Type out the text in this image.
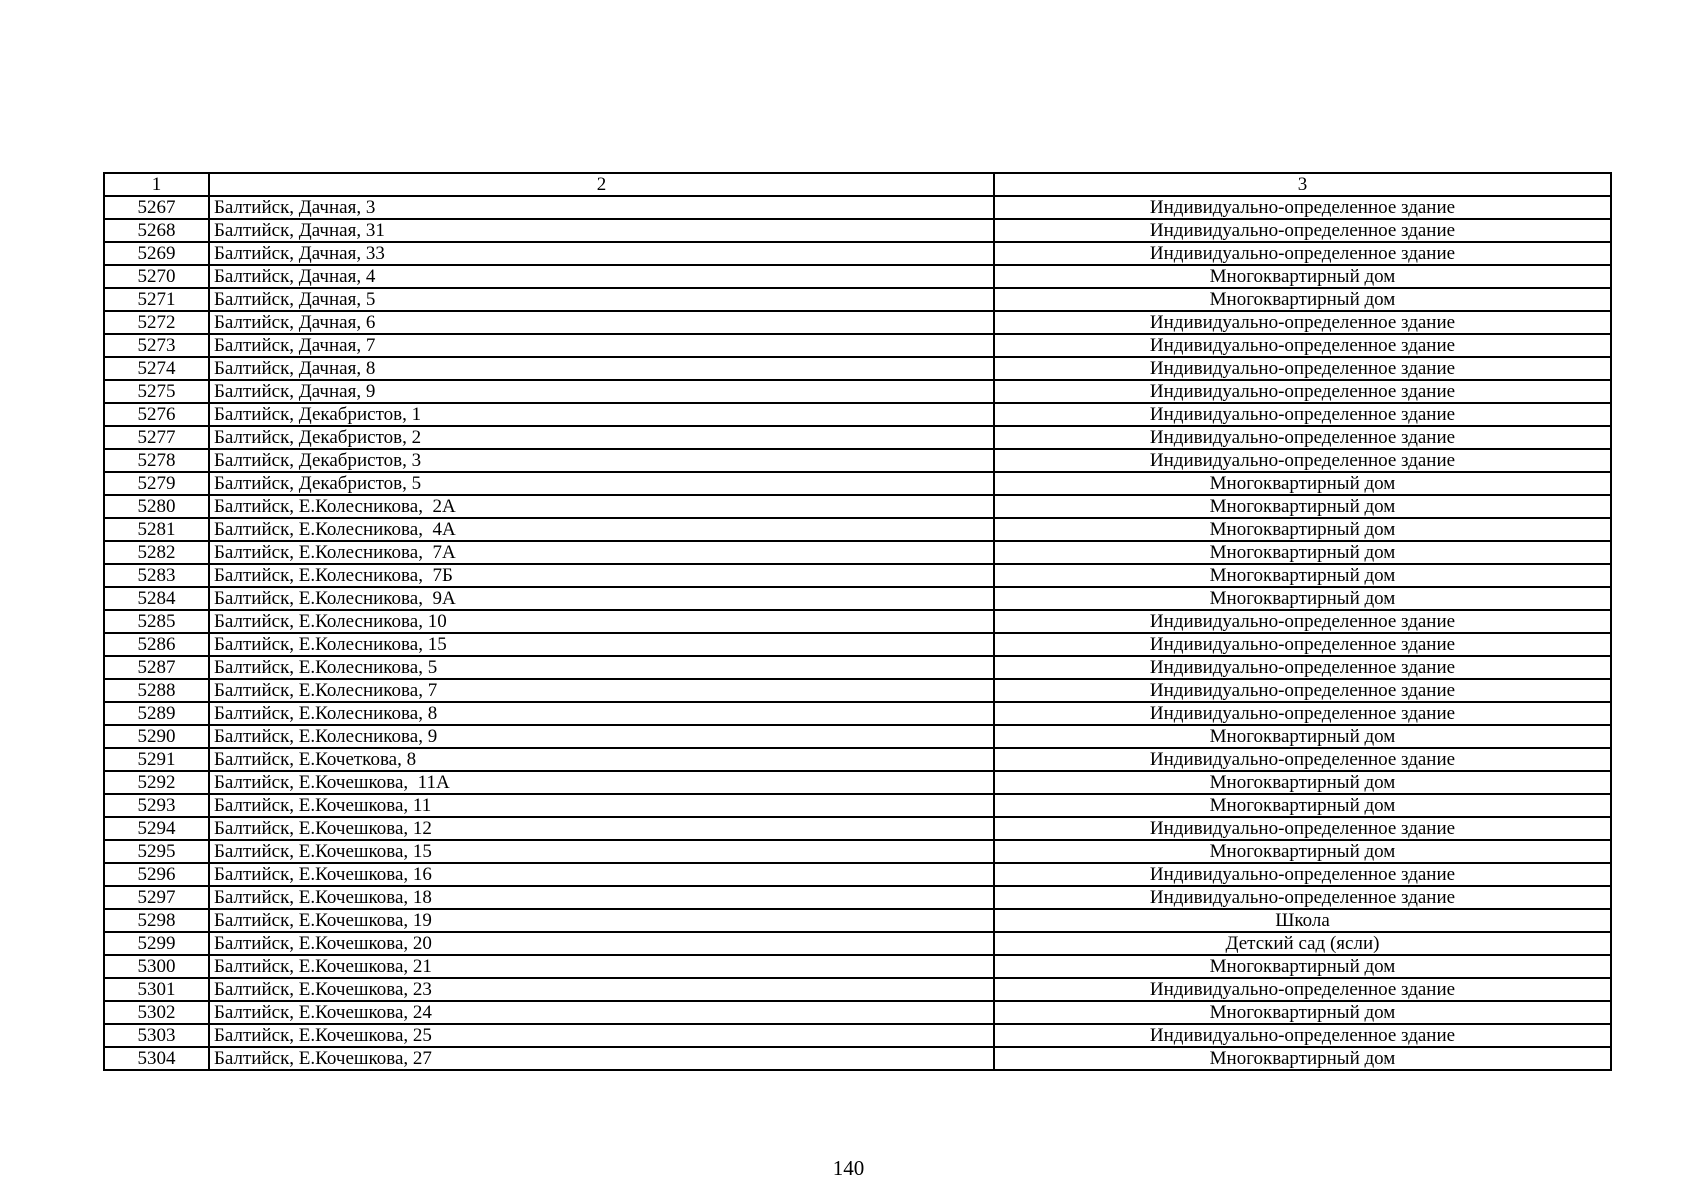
1	2	3
5267	Балтийск, Дачная, 3	Индивидуально-определенное здание
5268	Балтийск, Дачная, 31	Индивидуально-определенное здание
5269	Балтийск, Дачная, 33	Индивидуально-определенное здание
5270	Балтийск, Дачная, 4	Многоквартирный дом
5271	Балтийск, Дачная, 5	Многоквартирный дом
5272	Балтийск, Дачная, 6	Индивидуально-определенное здание
5273	Балтийск, Дачная, 7	Индивидуально-определенное здание
5274	Балтийск, Дачная, 8	Индивидуально-определенное здание
5275	Балтийск, Дачная, 9	Индивидуально-определенное здание
5276	Балтийск, Декабристов, 1	Индивидуально-определенное здание
5277	Балтийск, Декабристов, 2	Индивидуально-определенное здание
5278	Балтийск, Декабристов, 3	Индивидуально-определенное здание
5279	Балтийск, Декабристов, 5	Многоквартирный дом
5280	Балтийск, Е.Колесникова,  2А	Многоквартирный дом
5281	Балтийск, Е.Колесникова,  4А	Многоквартирный дом
5282	Балтийск, Е.Колесникова,  7А	Многоквартирный дом
5283	Балтийск, Е.Колесникова,  7Б	Многоквартирный дом
5284	Балтийск, Е.Колесникова,  9А	Многоквартирный дом
5285	Балтийск, Е.Колесникова, 10	Индивидуально-определенное здание
5286	Балтийск, Е.Колесникова, 15	Индивидуально-определенное здание
5287	Балтийск, Е.Колесникова, 5	Индивидуально-определенное здание
5288	Балтийск, Е.Колесникова, 7	Индивидуально-определенное здание
5289	Балтийск, Е.Колесникова, 8	Индивидуально-определенное здание
5290	Балтийск, Е.Колесникова, 9	Многоквартирный дом
5291	Балтийск, Е.Кочеткова, 8	Индивидуально-определенное здание
5292	Балтийск, Е.Кочешкова,  11А	Многоквартирный дом
5293	Балтийск, Е.Кочешкова, 11	Многоквартирный дом
5294	Балтийск, Е.Кочешкова, 12	Индивидуально-определенное здание
5295	Балтийск, Е.Кочешкова, 15	Многоквартирный дом
5296	Балтийск, Е.Кочешкова, 16	Индивидуально-определенное здание
5297	Балтийск, Е.Кочешкова, 18	Индивидуально-определенное здание
5298	Балтийск, Е.Кочешкова, 19	Школа
5299	Балтийск, Е.Кочешкова, 20	Детский сад (ясли)
5300	Балтийск, Е.Кочешкова, 21	Многоквартирный дом
5301	Балтийск, Е.Кочешкова, 23	Индивидуально-определенное здание
5302	Балтийск, Е.Кочешкова, 24	Многоквартирный дом
5303	Балтийск, Е.Кочешкова, 25	Индивидуально-определенное здание
5304	Балтийск, Е.Кочешкова, 27	Многоквартирный дом
140
